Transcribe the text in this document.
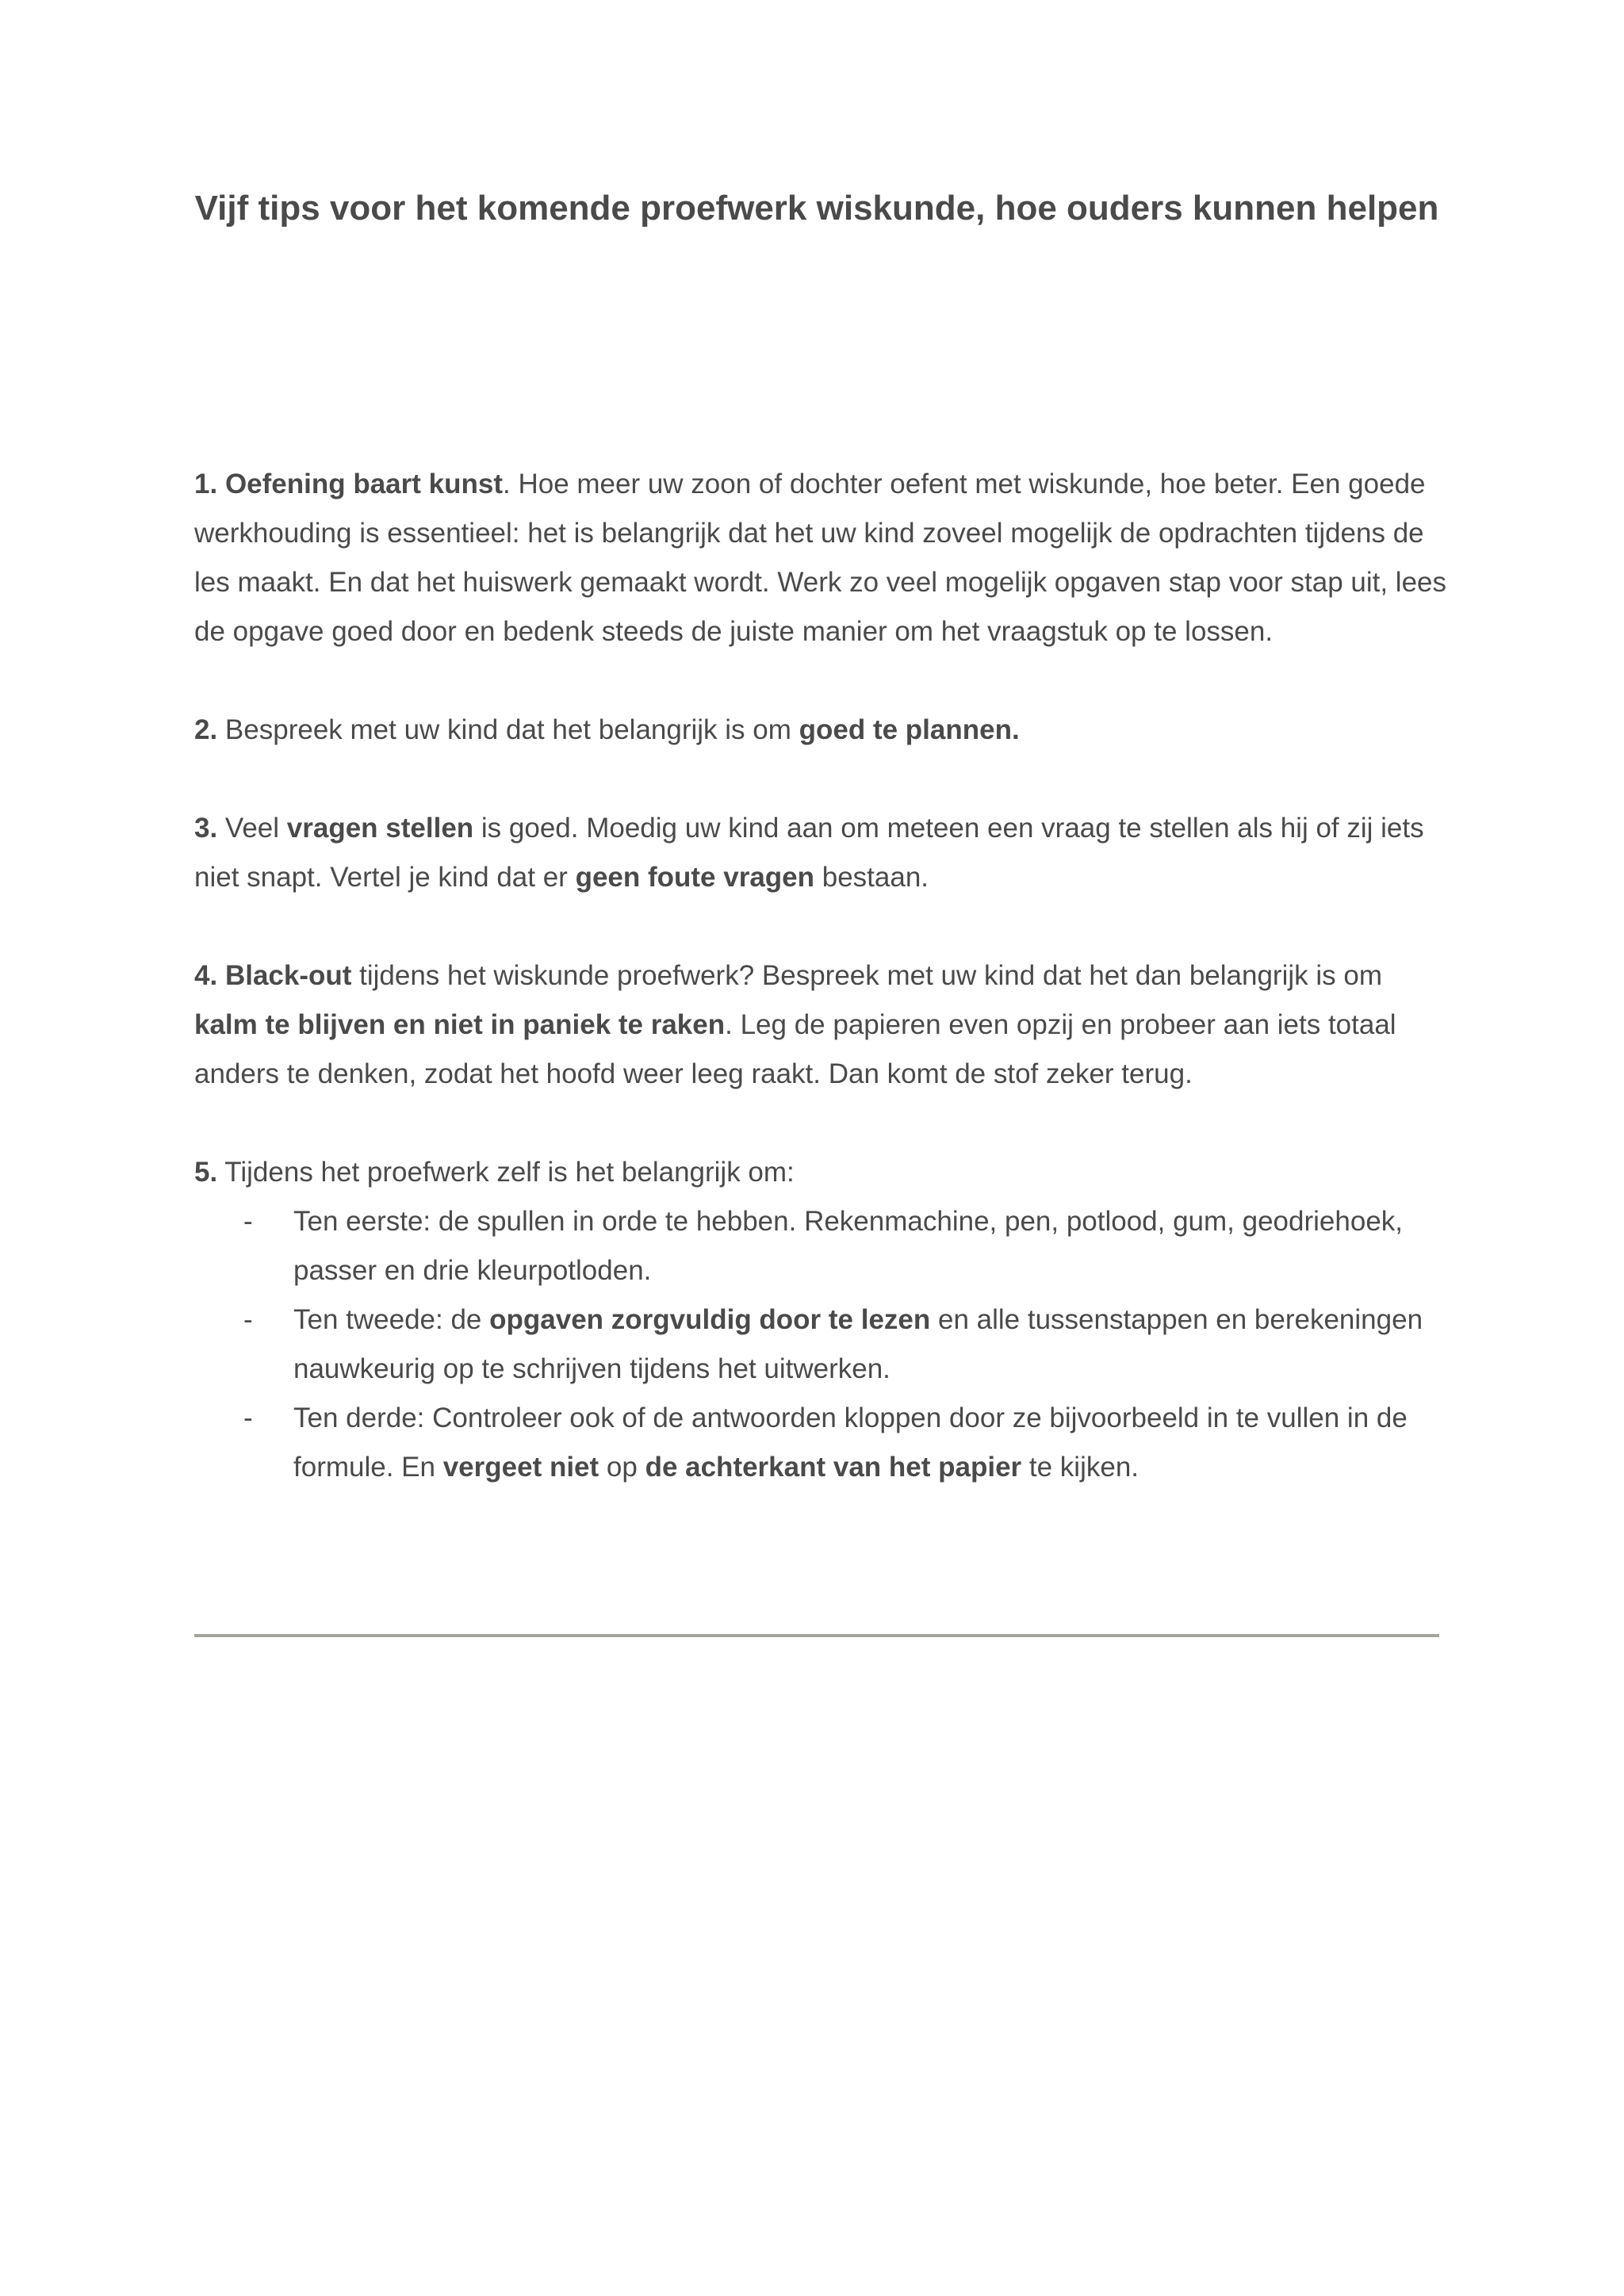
Vijf tips voor het komende proefwerk wiskunde, hoe ouders kunnen helpen

1. Oefening baart kunst. Hoe meer uw zoon of dochter oefent met wiskunde, hoe beter. Een goede werkhouding is essentieel: het is belangrijk dat het uw kind zoveel mogelijk de opdrachten tijdens de les maakt. En dat het huiswerk gemaakt wordt. Werk zo veel mogelijk opgaven stap voor stap uit, lees de opgave goed door en bedenk steeds de juiste manier om het vraagstuk op te lossen.

2. Bespreek met uw kind dat het belangrijk is om goed te plannen.

3. Veel vragen stellen is goed. Moedig uw kind aan om meteen een vraag te stellen als hij of zij iets niet snapt. Vertel je kind dat er geen foute vragen bestaan.

4. Black-out tijdens het wiskunde proefwerk? Bespreek met uw kind dat het dan belangrijk is om kalm te blijven en niet in paniek te raken. Leg de papieren even opzij en probeer aan iets totaal anders te denken, zodat het hoofd weer leeg raakt. Dan komt de stof zeker terug.

5. Tijdens het proefwerk zelf is het belangrijk om:
- Ten eerste: de spullen in orde te hebben. Rekenmachine, pen, potlood, gum, geodriehoek, passer en drie kleurpotloden.
- Ten tweede: de opgaven zorgvuldig door te lezen en alle tussenstappen en berekeningen nauwkeurig op te schrijven tijdens het uitwerken.
- Ten derde: Controleer ook of de antwoorden kloppen door ze bijvoorbeeld in te vullen in de formule. En vergeet niet op de achterkant van het papier te kijken.
